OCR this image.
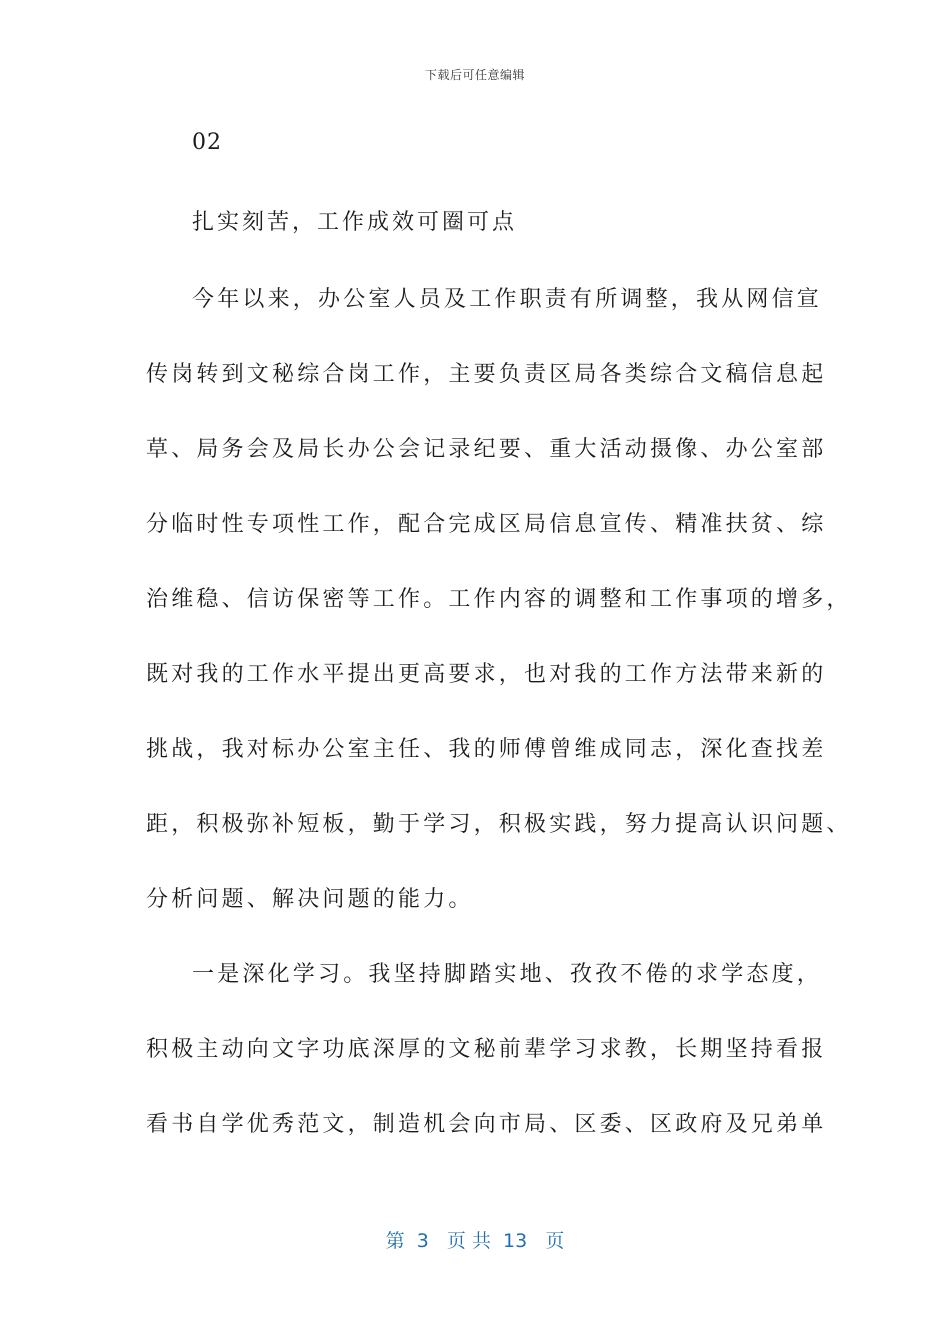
下载后可任意编辑
02
扎实刻苦，工作成效可圈可点
今年以来，办公室人员及工作职责有所调整，我从网信宣
传岗转到文秘综合岗工作，主要负责区局各类综合文稿信息起
草、局务会及局长办公会记录纪要、重大活动摄像、办公室部
分临时性专项性工作，配合完成区局信息宣传、精准扶贫、综
治维稳、信访保密等工作。工作内容的调整和工作事项的增多，
既对我的工作水平提出更高要求，也对我的工作方法带来新的
挑战，我对标办公室主任、我的师傅曾维成同志，深化查找差
距，积极弥补短板，勤于学习，积极实践，努力提高认识问题、
分析问题、解决问题的能力。
一是深化学习。我坚持脚踏实地、孜孜不倦的求学态度，
积极主动向文字功底深厚的文秘前辈学习求教，长期坚持看报
看书自学优秀范文，制造机会向市局、区委、区政府及兄弟单
第  3   页 共  13   页
